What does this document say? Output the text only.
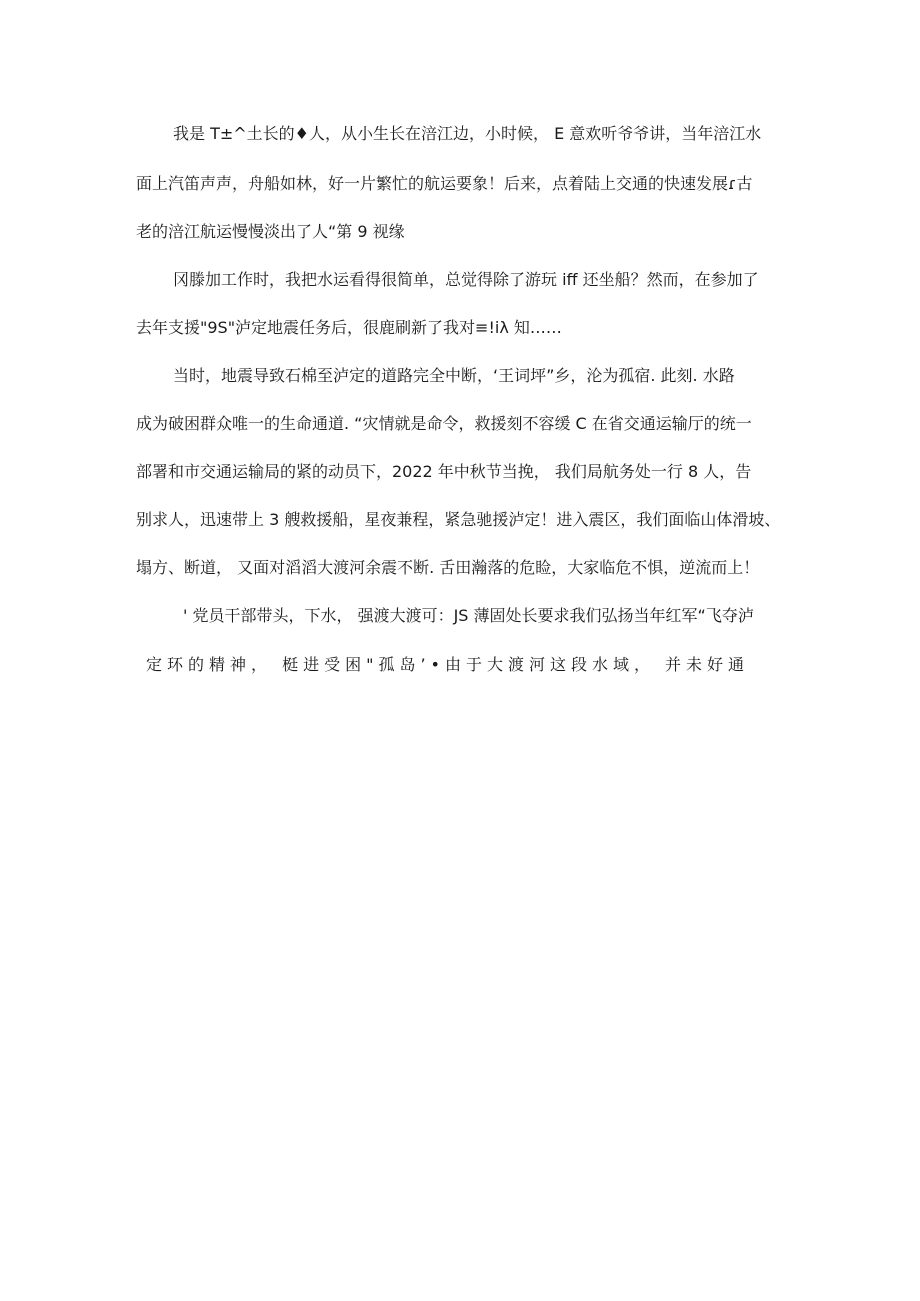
我是 T±^土长的♦人，从小生长在涪江边，小时候， E 意欢听爷爷讲，当年涪江水
面上汽笛声声，舟船如林，好一片繁忙的航运要象！后来，点着陆上交通的快速发展ɾ古
老的涪江航运慢慢淡出了人“第 9 视缘
冈滕加工作时，我把水运看得很简单，总觉得除了游玩 iff 还坐船？然而，在参加了
去年支援"9S"泸定地震任务后，很鹿刷新了我对≡!iλ 知……
当时，地震导致石棉至泸定的道路完全中断，‘王词坪”乡，沦为孤宿. 此刻. 水路
成为破困群众唯一的生命通道. “灾情就是命令，救援刻不容缓 C 在省交通运输厅的统一
部署和市交通运输局的紧的动员下，2022 年中秋节当挽， 我们局航务处一行 8 人，告
别求人，迅速带上 3 艘救援船，星夜兼程，紧急驰援泸定！进入震区，我们面临山体滑坡、
塌方、断道， 又面对滔滔大渡河余震不断. 舌田瀚落的危睑，大家临危不惧，逆流而上！
' 党员干部带头，下水， 强渡大渡可：JS 薄固处长要求我们弘扬当年红军“飞夺泸
定环的精神， 梃进受困"孤岛’•由于大渡河这段水域， 并未好通
